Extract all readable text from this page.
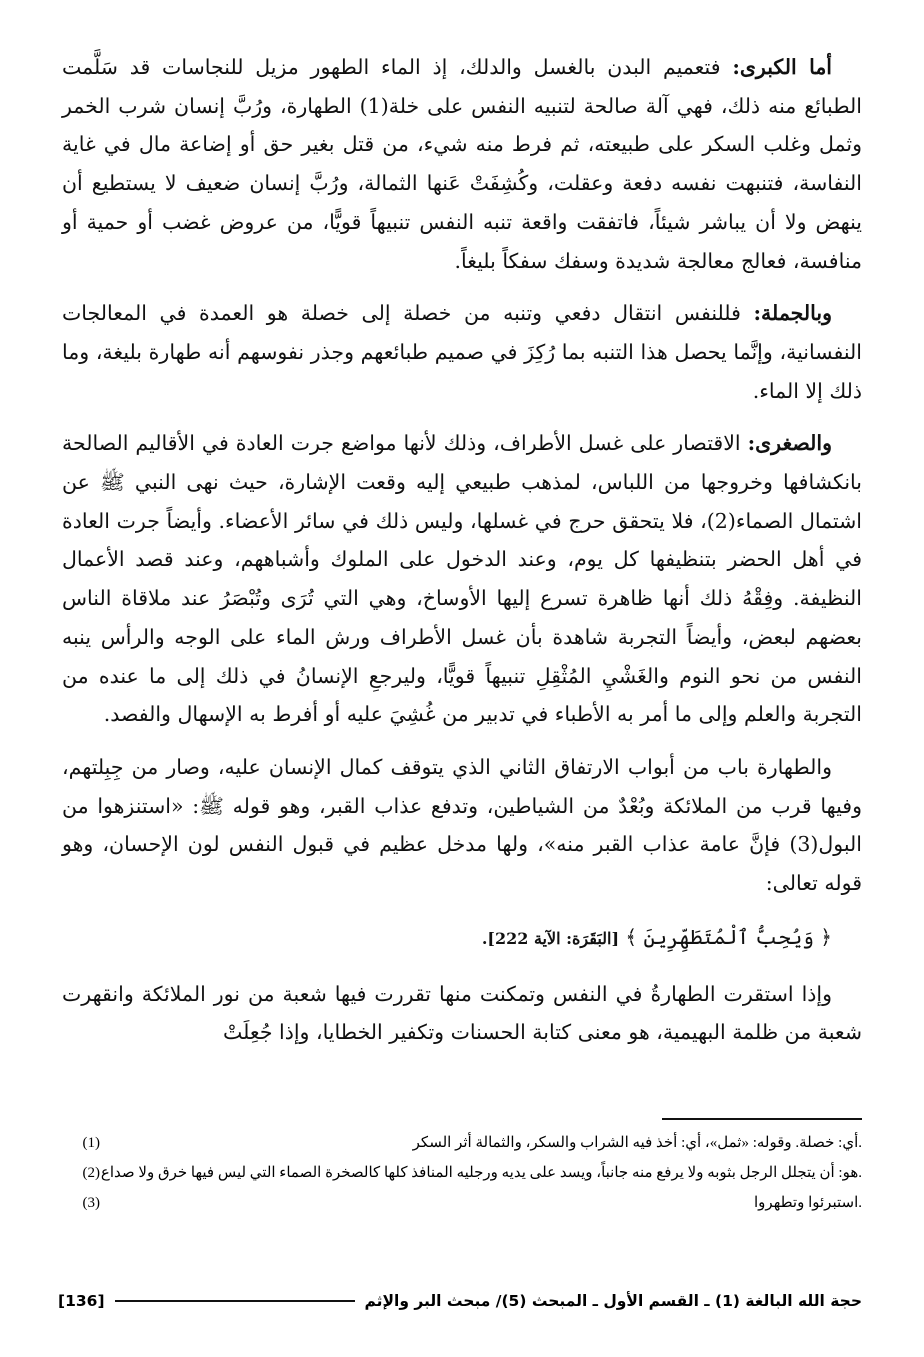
أما الكبرى: فتعميم البدن بالغسل والدلك، إذ الماء الطهور مزيل للنجاسات قد سَلَّمت الطبائع منه ذلك، فهي آلة صالحة لتنبيه النفس على خلة(1) الطهارة، ورُبَّ إنسان شرب الخمر وثمل وغلب السكر على طبيعته، ثم فرط منه شيء، من قتل بغير حق أو إضاعة مال في غاية النفاسة، فتنبهت نفسه دفعة وعقلت، وكُشِفَتْ عَنها الثمالة، ورُبَّ إنسان ضعيف لا يستطيع أن ينهض ولا أن يباشر شيئاً، فاتفقت واقعة تنبه النفس تنبيهاً قويًّا، من عروض غضب أو حمية أو منافسة، فعالج معالجة شديدة وسفك سفكاً بليغاً.

وبالجملة: فللنفس انتقال دفعي وتنبه من خصلة إلى خصلة هو العمدة في المعالجات النفسانية، وإنَّما يحصل هذا التنبه بما رُكِزَ في صميم طبائعهم وجذر نفوسهم أنه طهارة بليغة، وما ذلك إلا الماء.

والصغرى: الاقتصار على غسل الأطراف، وذلك لأنها مواضع جرت العادة في الأقاليم الصالحة بانكشافها وخروجها من اللباس، لمذهب طبيعي إليه وقعت الإشارة، حيث نهى النبي ﷺ عن اشتمال الصماء(2)، فلا يتحقق حرج في غسلها، وليس ذلك في سائر الأعضاء. وأيضاً جرت العادة في أهل الحضر بتنظيفها كل يوم، وعند الدخول على الملوك وأشباههم، وعند قصد الأعمال النظيفة. وفِقْهُ ذلك أنها ظاهرة تسرع إليها الأوساخ، وهي التي تُرَى وتُبْصَرُ عند ملاقاة الناس بعضهم لبعض، وأيضاً التجربة شاهدة بأن غسل الأطراف ورش الماء على الوجه والرأس ينبه النفس من نحو النوم والغَشْيِ المُثْقِلِ تنبيهاً قويًّا، وليرجعِ الإنسانُ في ذلك إلى ما عنده من التجربة والعلم وإلى ما أمر به الأطباء في تدبير من غُشِيَ عليه أو أفرط به الإسهال والفصد.

والطهارة باب من أبواب الارتفاق الثاني الذي يتوقف كمال الإنسان عليه، وصار من جِبِلتهم، وفيها قرب من الملائكة وبُعْدٌ من الشياطين، وتدفع عذاب القبر، وهو قوله ﷺ: «استنزهوا من البول(3) فإنَّ عامة عذاب القبر منه»، ولها مدخل عظيم في قبول النفس لون الإحسان، وهو قوله تعالى:

﴿ وَيُحِبُّ ٱلْمُتَطَهِّرِينَ ﴾ [البَقَرَة: الآية 222].

وإذا استقرت الطهارةُ في النفس وتمكنت منها تقررت فيها شعبة من نور الملائكة وانقهرت شعبة من ظلمة البهيمية، هو معنى كتابة الحسنات وتكفير الخطايا، وإذا جُعِلَتْ

(1)	أي: خصلة. وقوله: «ثمل»، أي: أخذ فيه الشراب والسكر، والثمالة أثر السكر.
(2) هو: أن يتجلل الرجل بثوبه ولا يرفع منه جانباً، ويسد على يديه ورجليه المنافذ كلها كالصخرة الصماء التي ليس فيها خرق ولا صداع.
(3)	استبرئوا وتطهروا.
حجة الله البالغة (1) ـ القسم الأول ـ المبحث (5)/ مبحث البر والإثم
[136]
